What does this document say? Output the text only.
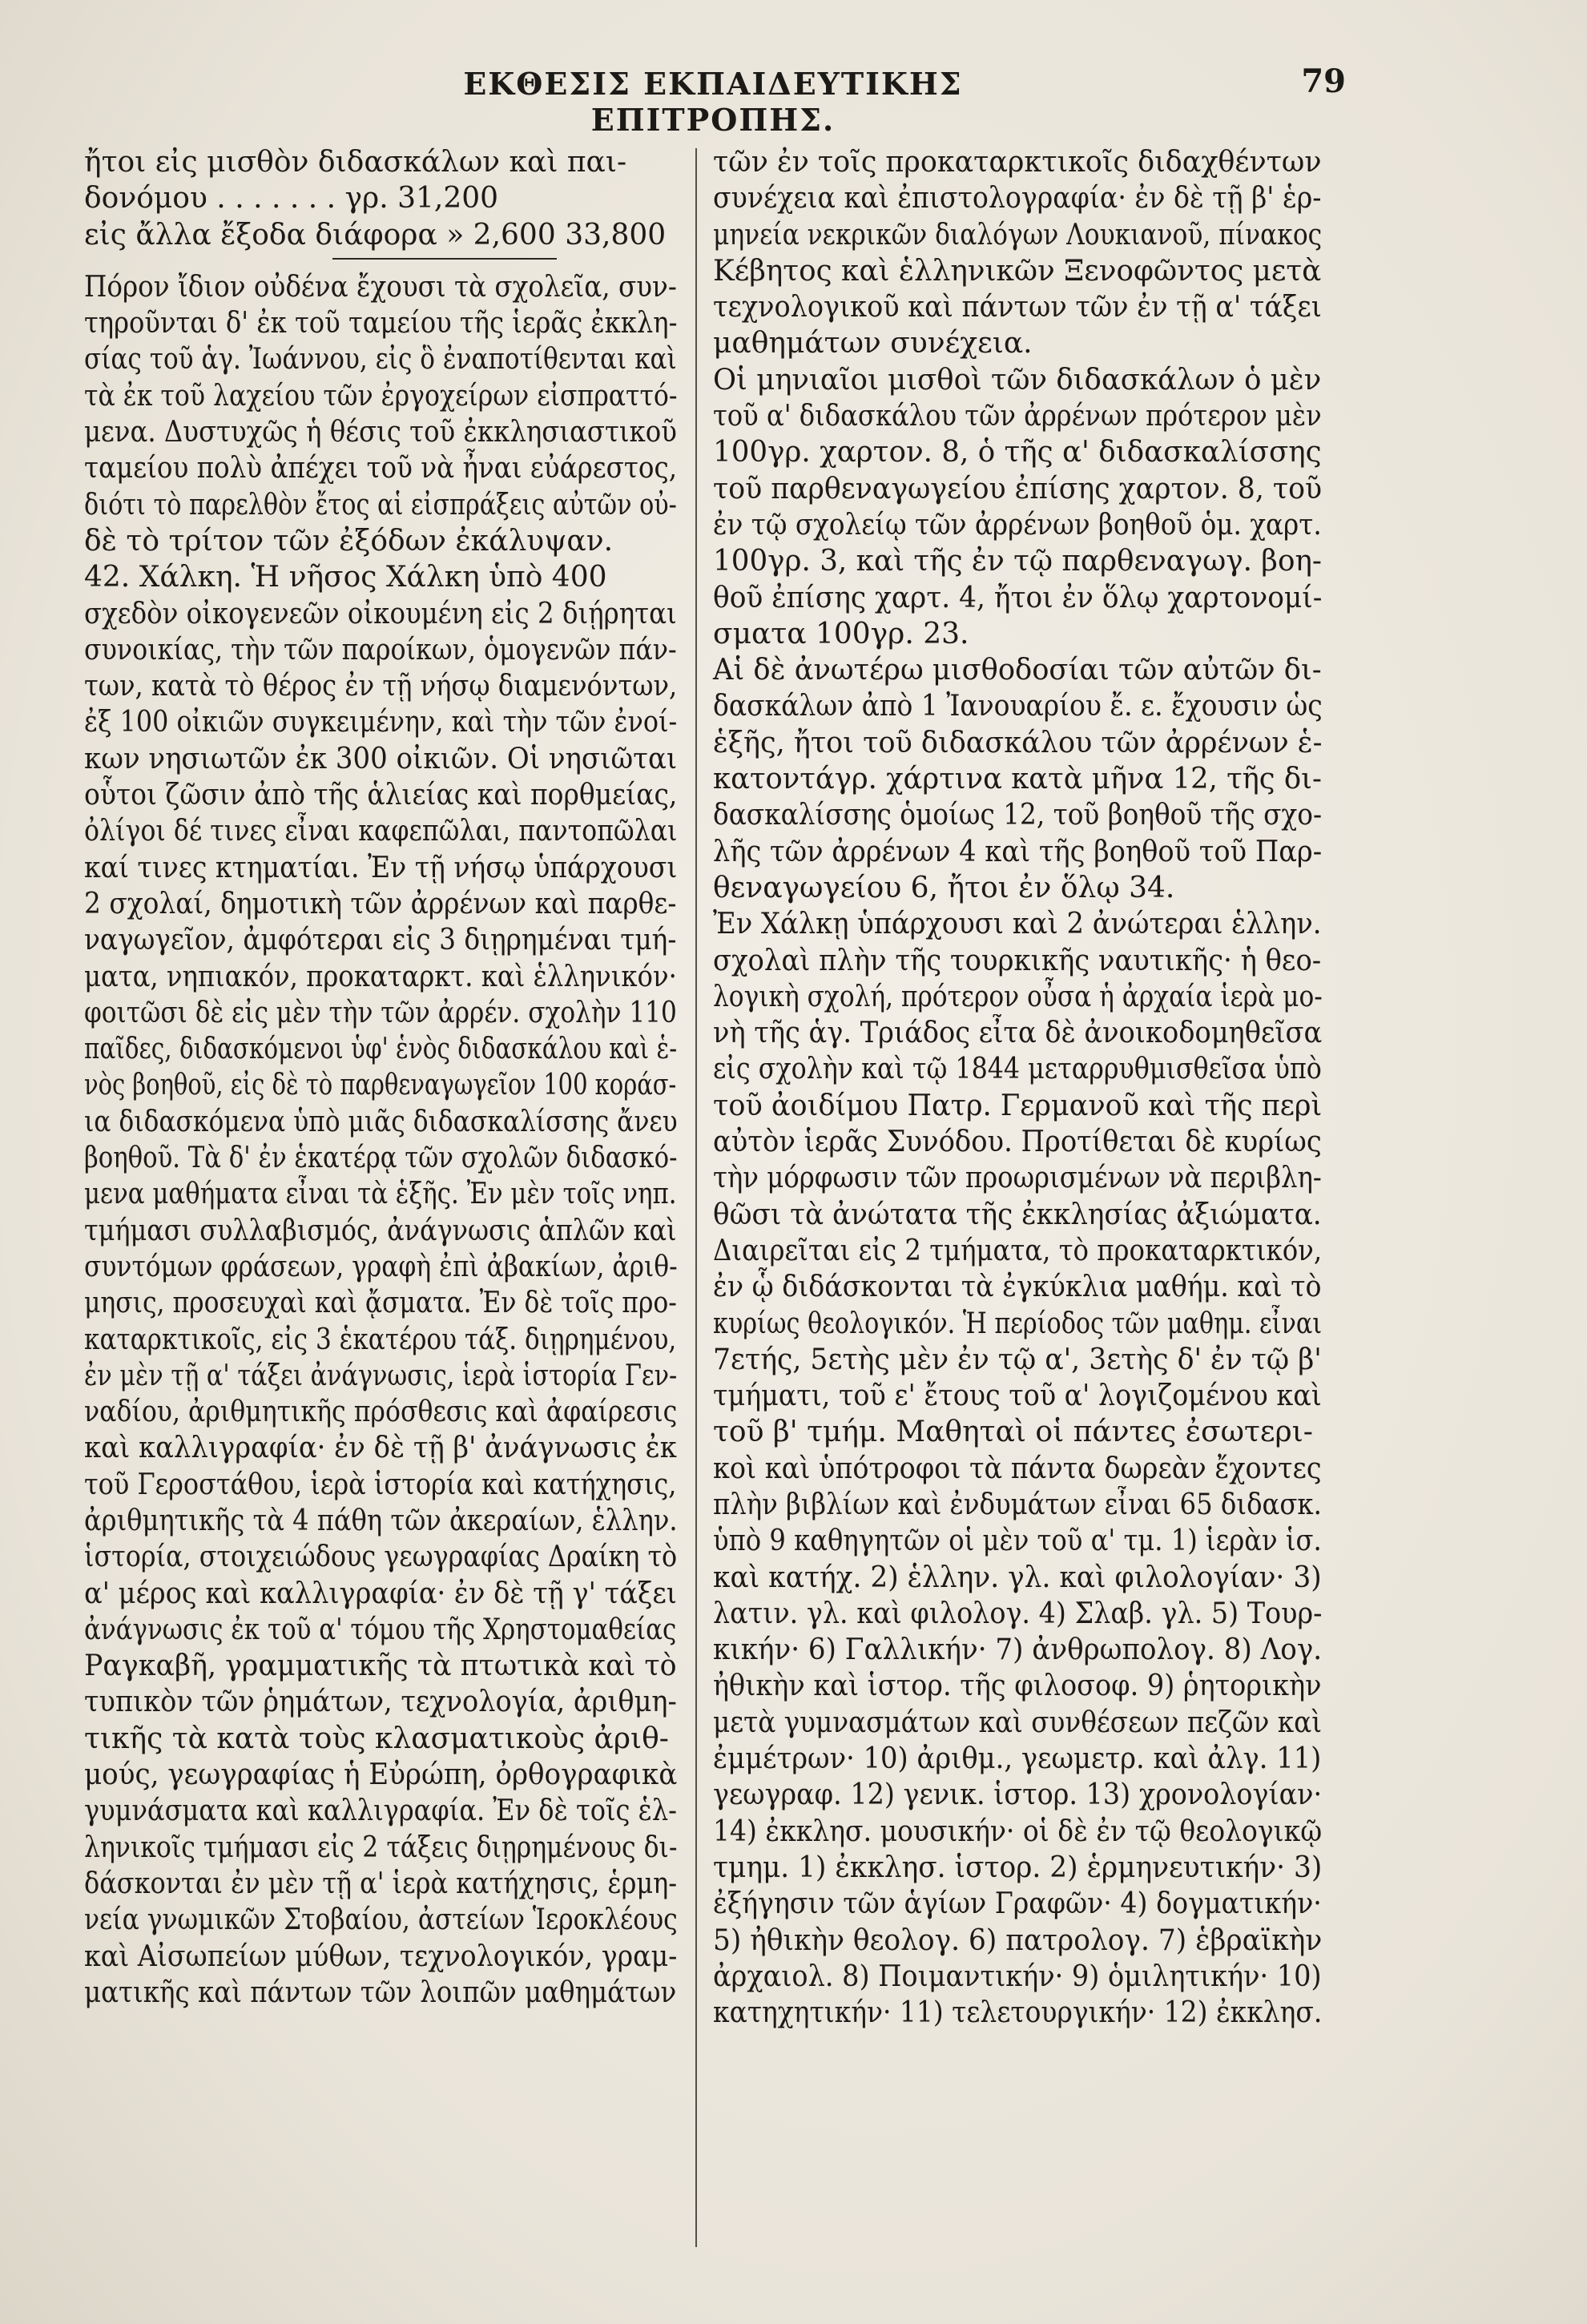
ΕΚΘΕΣΙΣ ΕΚΠΑΙΔΕΥΤΙΚΗΣ ΕΠΙΤΡΟΠΗΣ.
79
ἤτοι εἰς μισθὸν διδασκάλων καὶ παι-
δονόμου . . . . . . . γρ. 31,200
εἰς ἄλλα ἔξοδα διάφορα » 2,600 33,800
Πόρον ἴδιον οὐδένα ἔχουσι τὰ σχολεῖα, συν-
τηροῦνται δ' ἐκ τοῦ ταμείου τῆς ἱερᾶς ἐκκλη-
σίας τοῦ ἁγ. Ἰωάννου, εἰς ὃ ἐναποτίθενται καὶ
τὰ ἐκ τοῦ λαχείου τῶν ἐργοχείρων εἰσπραττό-
μενα. Δυστυχῶς ἡ θέσις τοῦ ἐκκλησιαστικοῦ
ταμείου πολὺ ἀπέχει τοῦ νὰ ἦναι εὐάρεστος,
διότι τὸ παρελθὸν ἔτος αἱ εἰσπράξεις αὐτῶν οὐ-
δὲ τὸ τρίτον τῶν ἐξόδων ἐκάλυψαν.
42. Χάλκη. Ἡ νῆσος Χάλκη ὑπὸ 400
σχεδὸν οἰκογενεῶν οἰκουμένη εἰς 2 διῄρηται
συνοικίας, τὴν τῶν παροίκων, ὁμογενῶν πάν-
των, κατὰ τὸ θέρος ἐν τῇ νήσῳ διαμενόντων,
ἐξ 100 οἰκιῶν συγκειμένην, καὶ τὴν τῶν ἐνοί-
κων νησιωτῶν ἐκ 300 οἰκιῶν. Οἱ νησιῶται
οὗτοι ζῶσιν ἀπὸ τῆς ἁλιείας καὶ πορθμείας,
ὀλίγοι δέ τινες εἶναι καφεπῶλαι, παντοπῶλαι
καί τινες κτηματίαι. Ἐν τῇ νήσῳ ὑπάρχουσι
2 σχολαί, δημοτικὴ τῶν ἀρρένων καὶ παρθε-
ναγωγεῖον, ἀμφότεραι εἰς 3 διῃρημέναι τμή-
ματα, νηπιακόν, προκαταρκτ. καὶ ἑλληνικόν·
φοιτῶσι δὲ εἰς μὲν τὴν τῶν ἀρρέν. σχολὴν 110
παῖδες, διδασκόμενοι ὑφ' ἑνὸς διδασκάλου καὶ ἑ-
νὸς βοηθοῦ, εἰς δὲ τὸ παρθεναγωγεῖον 100 κοράσ-
ια διδασκόμενα ὑπὸ μιᾶς διδασκαλίσσης ἄνευ
βοηθοῦ. Τὰ δ' ἐν ἑκατέρᾳ τῶν σχολῶν διδασκό-
μενα μαθήματα εἶναι τὰ ἑξῆς. Ἐν μὲν τοῖς νηπ.
τμήμασι συλλαβισμός, ἀνάγνωσις ἁπλῶν καὶ
συντόμων φράσεων, γραφὴ ἐπὶ ἀβακίων, ἀριθ-
μησις, προσευχαὶ καὶ ᾄσματα. Ἐν δὲ τοῖς προ-
καταρκτικοῖς, εἰς 3 ἑκατέρου τάξ. διῃρημένου,
ἐν μὲν τῇ α' τάξει ἀνάγνωσις, ἱερὰ ἱστορία Γεν-
ναδίου, ἀριθμητικῆς πρόσθεσις καὶ ἀφαίρεσις
καὶ καλλιγραφία· ἐν δὲ τῇ β' ἀνάγνωσις ἐκ
τοῦ Γεροστάθου, ἱερὰ ἱστορία καὶ κατήχησις,
ἀριθμητικῆς τὰ 4 πάθη τῶν ἀκεραίων, ἑλλην.
ἱστορία, στοιχειώδους γεωγραφίας Δραίκη τὸ
α' μέρος καὶ καλλιγραφία· ἐν δὲ τῇ γ' τάξει
ἀνάγνωσις ἐκ τοῦ α' τόμου τῆς Χρηστομαθείας
Ραγκαβῆ, γραμματικῆς τὰ πτωτικὰ καὶ τὸ
τυπικὸν τῶν ῥημάτων, τεχνολογία, ἀριθμη-
τικῆς τὰ κατὰ τοὺς κλασματικοὺς ἀριθ-
μούς, γεωγραφίας ἡ Εὐρώπη, ὀρθογραφικὰ
γυμνάσματα καὶ καλλιγραφία. Ἐν δὲ τοῖς ἑλ-
ληνικοῖς τμήμασι εἰς 2 τάξεις διῃρημένους δι-
δάσκονται ἐν μὲν τῇ α' ἱερὰ κατήχησις, ἑρμη-
νεία γνωμικῶν Στοβαίου, ἀστείων Ἱεροκλέους
καὶ Αἰσωπείων μύθων, τεχνολογικόν, γραμ-
ματικῆς καὶ πάντων τῶν λοιπῶν μαθημάτων
τῶν ἐν τοῖς προκαταρκτικοῖς διδαχθέντων
συνέχεια καὶ ἐπιστολογραφία· ἐν δὲ τῇ β' ἑρ-
μηνεία νεκρικῶν διαλόγων Λουκιανοῦ, πίνακος
Κέβητος καὶ ἑλληνικῶν Ξενοφῶντος μετὰ
τεχνολογικοῦ καὶ πάντων τῶν ἐν τῇ α' τάξει
μαθημάτων συνέχεια.
Οἱ μηνιαῖοι μισθοὶ τῶν διδασκάλων ὁ μὲν
τοῦ α' διδασκάλου τῶν ἀρρένων πρότερον μὲν
100γρ. χαρτον. 8, ὁ τῆς α' διδασκαλίσσης
τοῦ παρθεναγωγείου ἐπίσης χαρτον. 8, τοῦ
ἐν τῷ σχολείῳ τῶν ἀρρένων βοηθοῦ ὁμ. χαρτ.
100γρ. 3, καὶ τῆς ἐν τῷ παρθεναγωγ. βοη-
θοῦ ἐπίσης χαρτ. 4, ἤτοι ἐν ὅλῳ χαρτονομί-
σματα 100γρ. 23.
Αἱ δὲ ἀνωτέρω μισθοδοσίαι τῶν αὐτῶν δι-
δασκάλων ἀπὸ 1 Ἰανουαρίου ἔ. ε. ἔχουσιν ὡς
ἑξῆς, ἤτοι τοῦ διδασκάλου τῶν ἀρρένων ἑ-
κατοντάγρ. χάρτινα κατὰ μῆνα 12, τῆς δι-
δασκαλίσσης ὁμοίως 12, τοῦ βοηθοῦ τῆς σχο-
λῆς τῶν ἀρρένων 4 καὶ τῆς βοηθοῦ τοῦ Παρ-
θεναγωγείου 6, ἤτοι ἐν ὅλῳ 34.
Ἐν Χάλκῃ ὑπάρχουσι καὶ 2 ἀνώτεραι ἑλλην.
σχολαὶ πλὴν τῆς τουρκικῆς ναυτικῆς· ἡ θεο-
λογικὴ σχολή, πρότερον οὖσα ἡ ἀρχαία ἱερὰ μο-
νὴ τῆς ἁγ. Τριάδος εἶτα δὲ ἀνοικοδομηθεῖσα
εἰς σχολὴν καὶ τῷ 1844 μεταρρυθμισθεῖσα ὑπὸ
τοῦ ἀοιδίμου Πατρ. Γερμανοῦ καὶ τῆς περὶ
αὐτὸν ἱερᾶς Συνόδου. Προτίθεται δὲ κυρίως
τὴν μόρφωσιν τῶν προωρισμένων νὰ περιβλη-
θῶσι τὰ ἀνώτατα τῆς ἐκκλησίας ἀξιώματα.
Διαιρεῖται εἰς 2 τμήματα, τὸ προκαταρκτικόν,
ἐν ᾧ διδάσκονται τὰ ἐγκύκλια μαθήμ. καὶ τὸ
κυρίως θεολογικόν. Ἡ περίοδος τῶν μαθημ. εἶναι
7ετής, 5ετὴς μὲν ἐν τῷ α', 3ετὴς δ' ἐν τῷ β'
τμήματι, τοῦ ε' ἔτους τοῦ α' λογιζομένου καὶ
τοῦ β' τμήμ. Μαθηταὶ οἱ πάντες ἐσωτερι-
κοὶ καὶ ὑπότροφοι τὰ πάντα δωρεὰν ἔχοντες
πλὴν βιβλίων καὶ ἐνδυμάτων εἶναι 65 διδασκ.
ὑπὸ 9 καθηγητῶν οἱ μὲν τοῦ α' τμ. 1) ἱερὰν ἱσ.
καὶ κατήχ. 2) ἑλλην. γλ. καὶ φιλολογίαν· 3)
λατιν. γλ. καὶ φιλολογ. 4) Σλαβ. γλ. 5) Τουρ-
κικήν· 6) Γαλλικήν· 7) ἀνθρωπολογ. 8) Λογ.
ἠθικὴν καὶ ἱστορ. τῆς φιλοσοφ. 9) ῥητορικὴν
μετὰ γυμνασμάτων καὶ συνθέσεων πεζῶν καὶ
ἐμμέτρων· 10) ἀριθμ., γεωμετρ. καὶ ἀλγ. 11)
γεωγραφ. 12) γενικ. ἱστορ. 13) χρονολογίαν·
14) ἐκκλησ. μουσικήν· οἱ δὲ ἐν τῷ θεολογικῷ
τμημ. 1) ἐκκλησ. ἱστορ. 2) ἑρμηνευτικήν· 3)
ἐξήγησιν τῶν ἁγίων Γραφῶν· 4) δογματικήν·
5) ἠθικὴν θεολογ. 6) πατρολογ. 7) ἑβραϊκὴν
ἀρχαιολ. 8) Ποιμαντικήν· 9) ὁμιλητικήν· 10)
κατηχητικήν· 11) τελετουργικήν· 12) ἐκκλησ.
